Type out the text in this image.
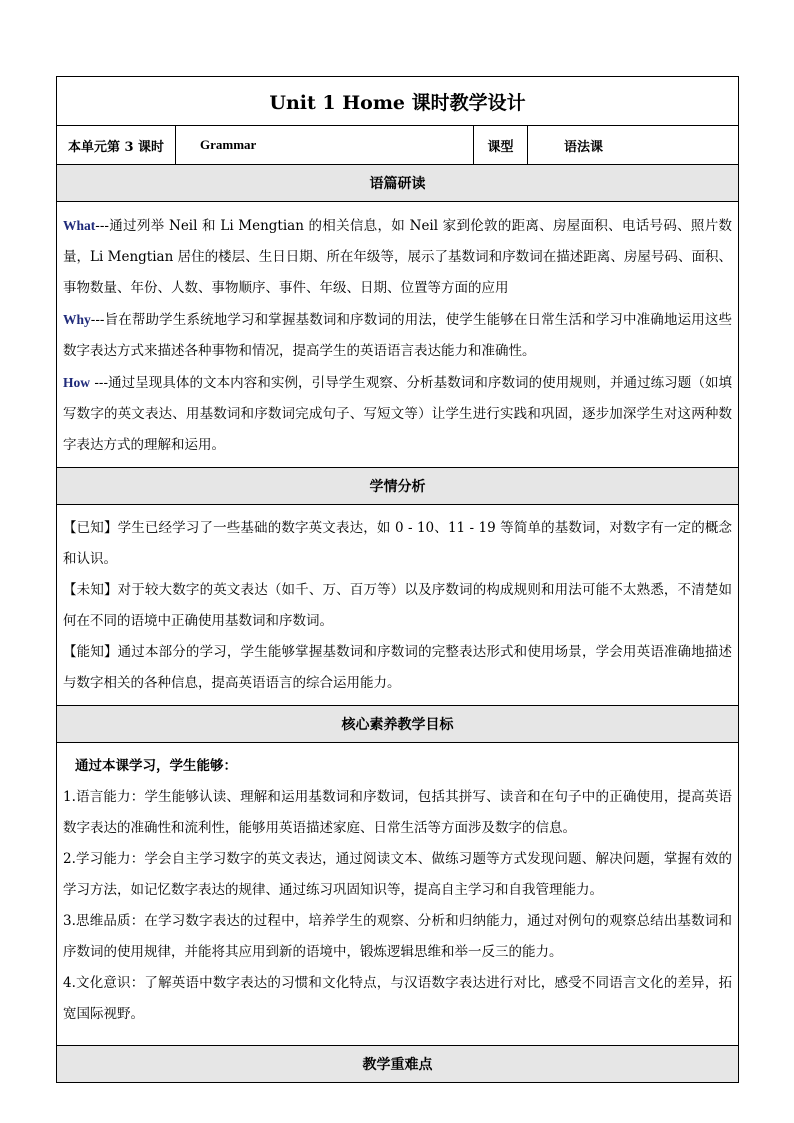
Unit 1 Home 课时教学设计
本单元第 3 课时	Grammar	课型	语法课
语篇研读

What---通过列举 Neil 和 Li Mengtian 的相关信息，如 Neil 家到伦敦的距离、房屋面积、电话号码、照片数量，Li Mengtian 居住的楼层、生日日期、所在年级等，展示了基数词和序数词在描述距离、房屋号码、面积、事物数量、年份、人数、事物顺序、事件、年级、日期、位置等方面的应用

Why---旨在帮助学生系统地学习和掌握基数词和序数词的用法，使学生能够在日常生活和学习中准确地运用这些数字表达方式来描述各种事物和情况，提高学生的英语语言表达能力和准确性。

How ---通过呈现具体的文本内容和实例，引导学生观察、分析基数词和序数词的使用规则，并通过练习题（如填写数字的英文表达、用基数词和序数词完成句子、写短文等）让学生进行实践和巩固，逐步加深学生对这两种数字表达方式的理解和运用。

学情分析

【已知】学生已经学习了一些基础的数字英文表达，如 0 - 10、11 - 19 等简单的基数词，对数字有一定的概念和认识。

【未知】对于较大数字的英文表达（如千、万、百万等）以及序数词的构成规则和用法可能不太熟悉，不清楚如何在不同的语境中正确使用基数词和序数词。

【能知】通过本部分的学习，学生能够掌握基数词和序数词的完整表达形式和使用场景，学会用英语准确地描述与数字相关的各种信息，提高英语语言的综合运用能力。

核心素养教学目标

通过本课学习，学生能够：

1.语言能力：学生能够认读、理解和运用基数词和序数词，包括其拼写、读音和在句子中的正确使用，提高英语数字表达的准确性和流利性，能够用英语描述家庭、日常生活等方面涉及数字的信息。

2.学习能力：学会自主学习数字的英文表达，通过阅读文本、做练习题等方式发现问题、解决问题，掌握有效的学习方法，如记忆数字表达的规律、通过练习巩固知识等，提高自主学习和自我管理能力。

3.思维品质：在学习数字表达的过程中，培养学生的观察、分析和归纳能力，通过对例句的观察总结出基数词和序数词的使用规律，并能将其应用到新的语境中，锻炼逻辑思维和举一反三的能力。

4.文化意识：了解英语中数字表达的习惯和文化特点，与汉语数字表达进行对比，感受不同语言文化的差异，拓宽国际视野。

教学重难点
